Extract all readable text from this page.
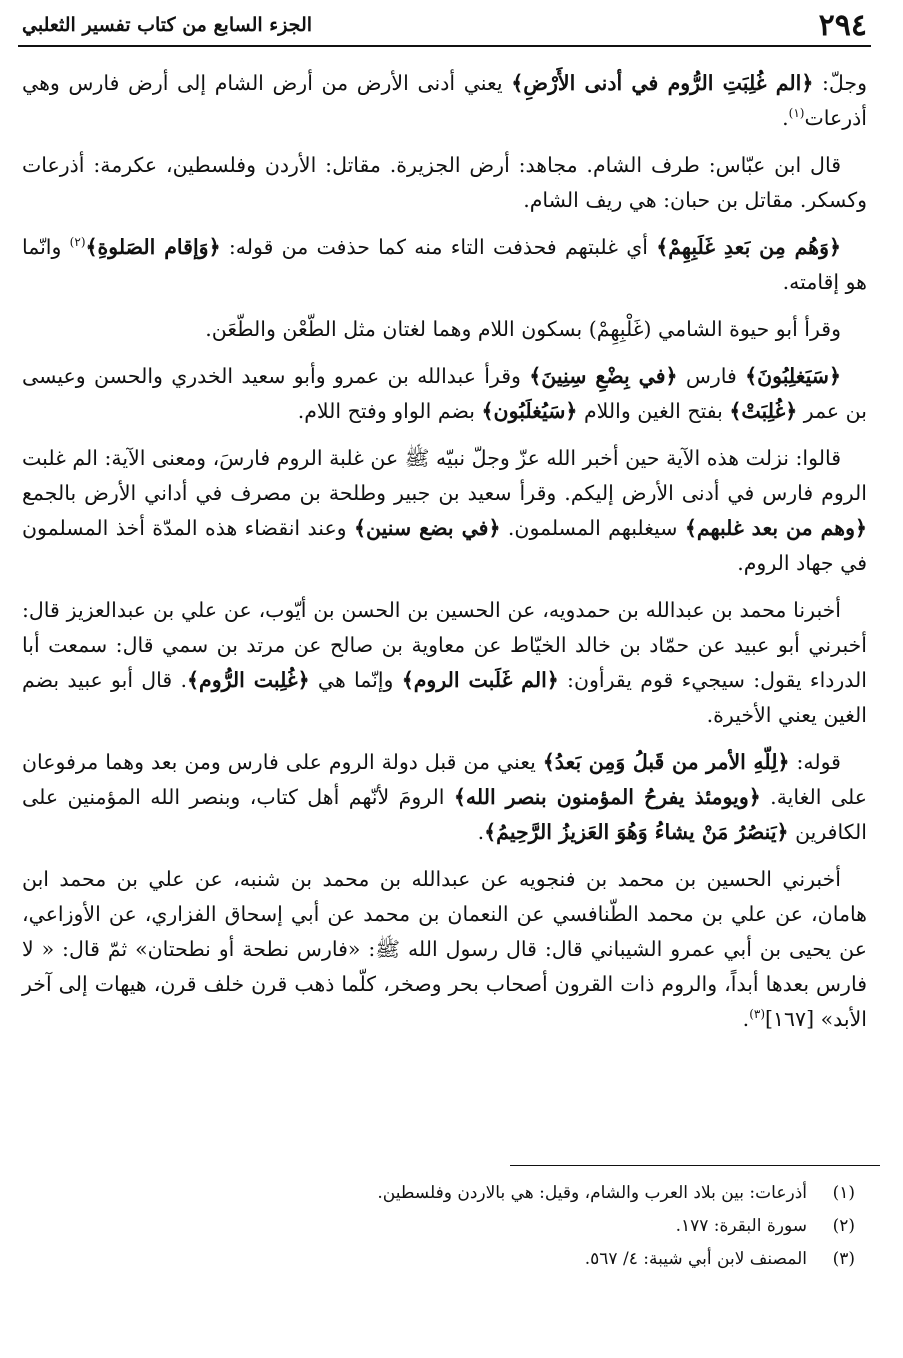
٢٩٤
الجزء السابع من كتاب تفسير الثعلبي

وجلّ: ﴿الم غُلِبَتِ الرُّوم في أدنى الأَرْضِ﴾ يعني أدنى الأرض من أرض الشام إلى أرض فارس وهي أذرعات$^{(١)}$.

قال ابن عبّاس: طرف الشام. مجاهد: أرض الجزيرة. مقاتل: الأردن وفلسطين، عكرمة: أذرعات وكسكر. مقاتل بن حبان: هي ريف الشام.

﴿وَهُم مِن بَعدِ غَلَبِهِمْ﴾ أي غلبتهم فحذفت التاء منه كما حذفت من قوله: ﴿وَإقام الصَلوةِ﴾$^{(٢)}$ وانّما هو إقامته.

وقرأ أبو حيوة الشامي (غَلْبِهِمْ) بسكون اللام وهما لغتان مثل الطّعْن والطّعَن.

﴿سَيَغلِبُونَ﴾ فارس ﴿في بِضْعِ سِنِينَ﴾ وقرأ عبدالله بن عمرو وأبو سعيد الخدري والحسن وعيسى بن عمر ﴿غُلِبَتْ﴾ بفتح الغين واللام ﴿سَيُغلَبُون﴾ بضم الواو وفتح اللام.

قالوا: نزلت هذه الآية حين أخبر الله عزّ وجلّ نبيّه ﷺ عن غلبة الروم فارسَ، ومعنى الآية: الم غلبت الروم فارس في أدنى الأرض إليكم. وقرأ سعيد بن جبير وطلحة بن مصرف في أداني الأرض بالجمع ﴿وهم من بعد غلبهم﴾ سيغلبهم المسلمون. ﴿في بضع سنين﴾ وعند انقضاء هذه المدّة أخذ المسلمون في جهاد الروم.

أخبرنا محمد بن عبدالله بن حمدويه، عن الحسين بن الحسن بن أيّوب، عن علي بن عبدالعزيز قال: أخبرني أبو عبيد عن حمّاد بن خالد الخيّاط عن معاوية بن صالح عن مرتد بن سمي قال: سمعت أبا الدرداء يقول: سيجيء قوم يقرأون: ﴿الم غَلَبت الروم﴾ وإنّما هي ﴿غُلِبت الرُّوم﴾. قال أبو عبيد بضم الغين يعني الأخيرة.

قوله: ﴿لِلّهِ الأمر من قَبلُ وَمِن بَعدُ﴾ يعني من قبل دولة الروم على فارس ومن بعد وهما مرفوعان على الغاية. ﴿ويومئذ يفرحُ المؤمنون بنصر الله﴾ الرومَ لأنّهم أهل كتاب، وبنصر الله المؤمنين على الكافرين ﴿يَنصُرُ مَنْ يشاءُ وَهُوَ العَزيزُ الرَّحِيمُ﴾.

أخبرني الحسين بن محمد بن فنجويه عن عبدالله بن محمد بن شنبه، عن علي بن محمد ابن هامان، عن علي بن محمد الطّنافسي عن النعمان بن محمد عن أبي إسحاق الفزاري، عن الأوزاعي، عن يحيى بن أبي عمرو الشيباني قال: قال رسول الله ﷺ: «فارس نطحة أو نطحتان» ثمّ قال: « لا فارس بعدها أبداً، والروم ذات القرون أصحاب بحر وصخر، كلّما ذهب قرن خلف قرن، هيهات إلى آخر الأبد» [١٦٧]$^{(٣)}$.

(١)
أذرعات: بين بلاد العرب والشام، وقيل: هي بالاردن وفلسطين.
(٢)
سورة البقرة: ١٧٧.
(٣)
المصنف لابن أبي شيبة: ٤/ ٥٦٧.
